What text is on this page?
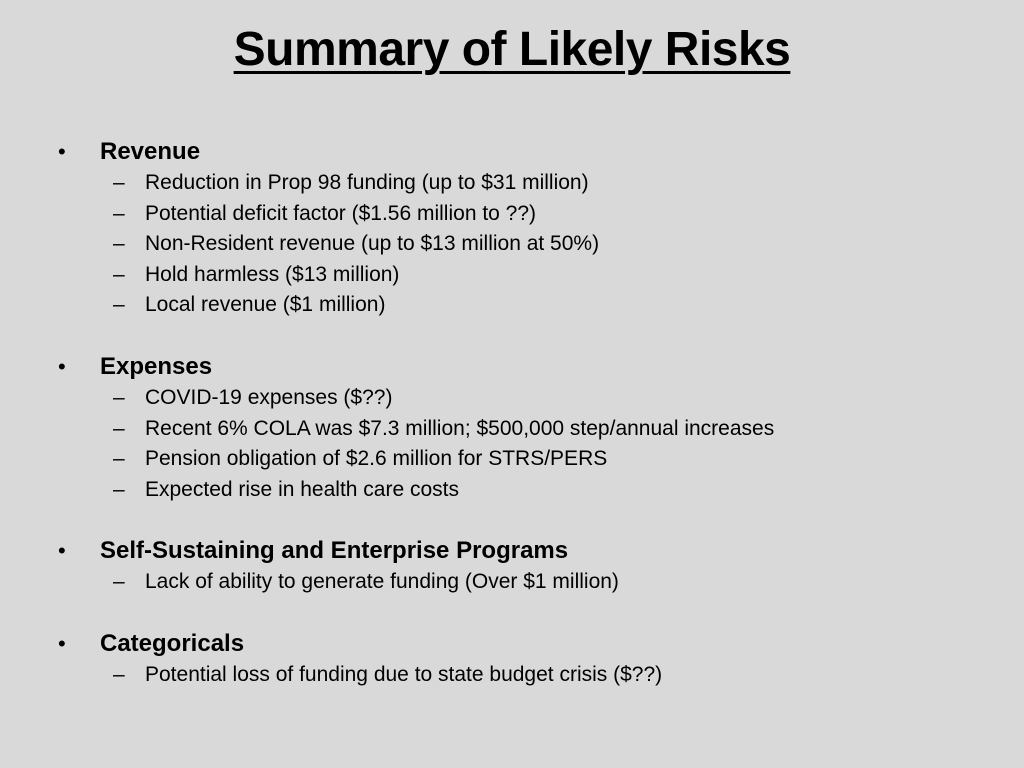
Summary of Likely Risks
•	Revenue
– Reduction in Prop 98 funding (up to $31 million)
– Potential deficit factor ($1.56 million to ??)
– Non-Resident revenue (up to $13 million at 50%)
– Hold harmless ($13 million)
– Local revenue ($1 million)
•	Expenses
– COVID-19 expenses ($??)
– Recent 6% COLA was $7.3 million; $500,000 step/annual increases
– Pension obligation of $2.6 million for STRS/PERS
– Expected rise in health care costs
•	Self-Sustaining and Enterprise Programs
– Lack of ability to generate funding (Over $1 million)
•	Categoricals
– Potential loss of funding due to state budget crisis ($??)
